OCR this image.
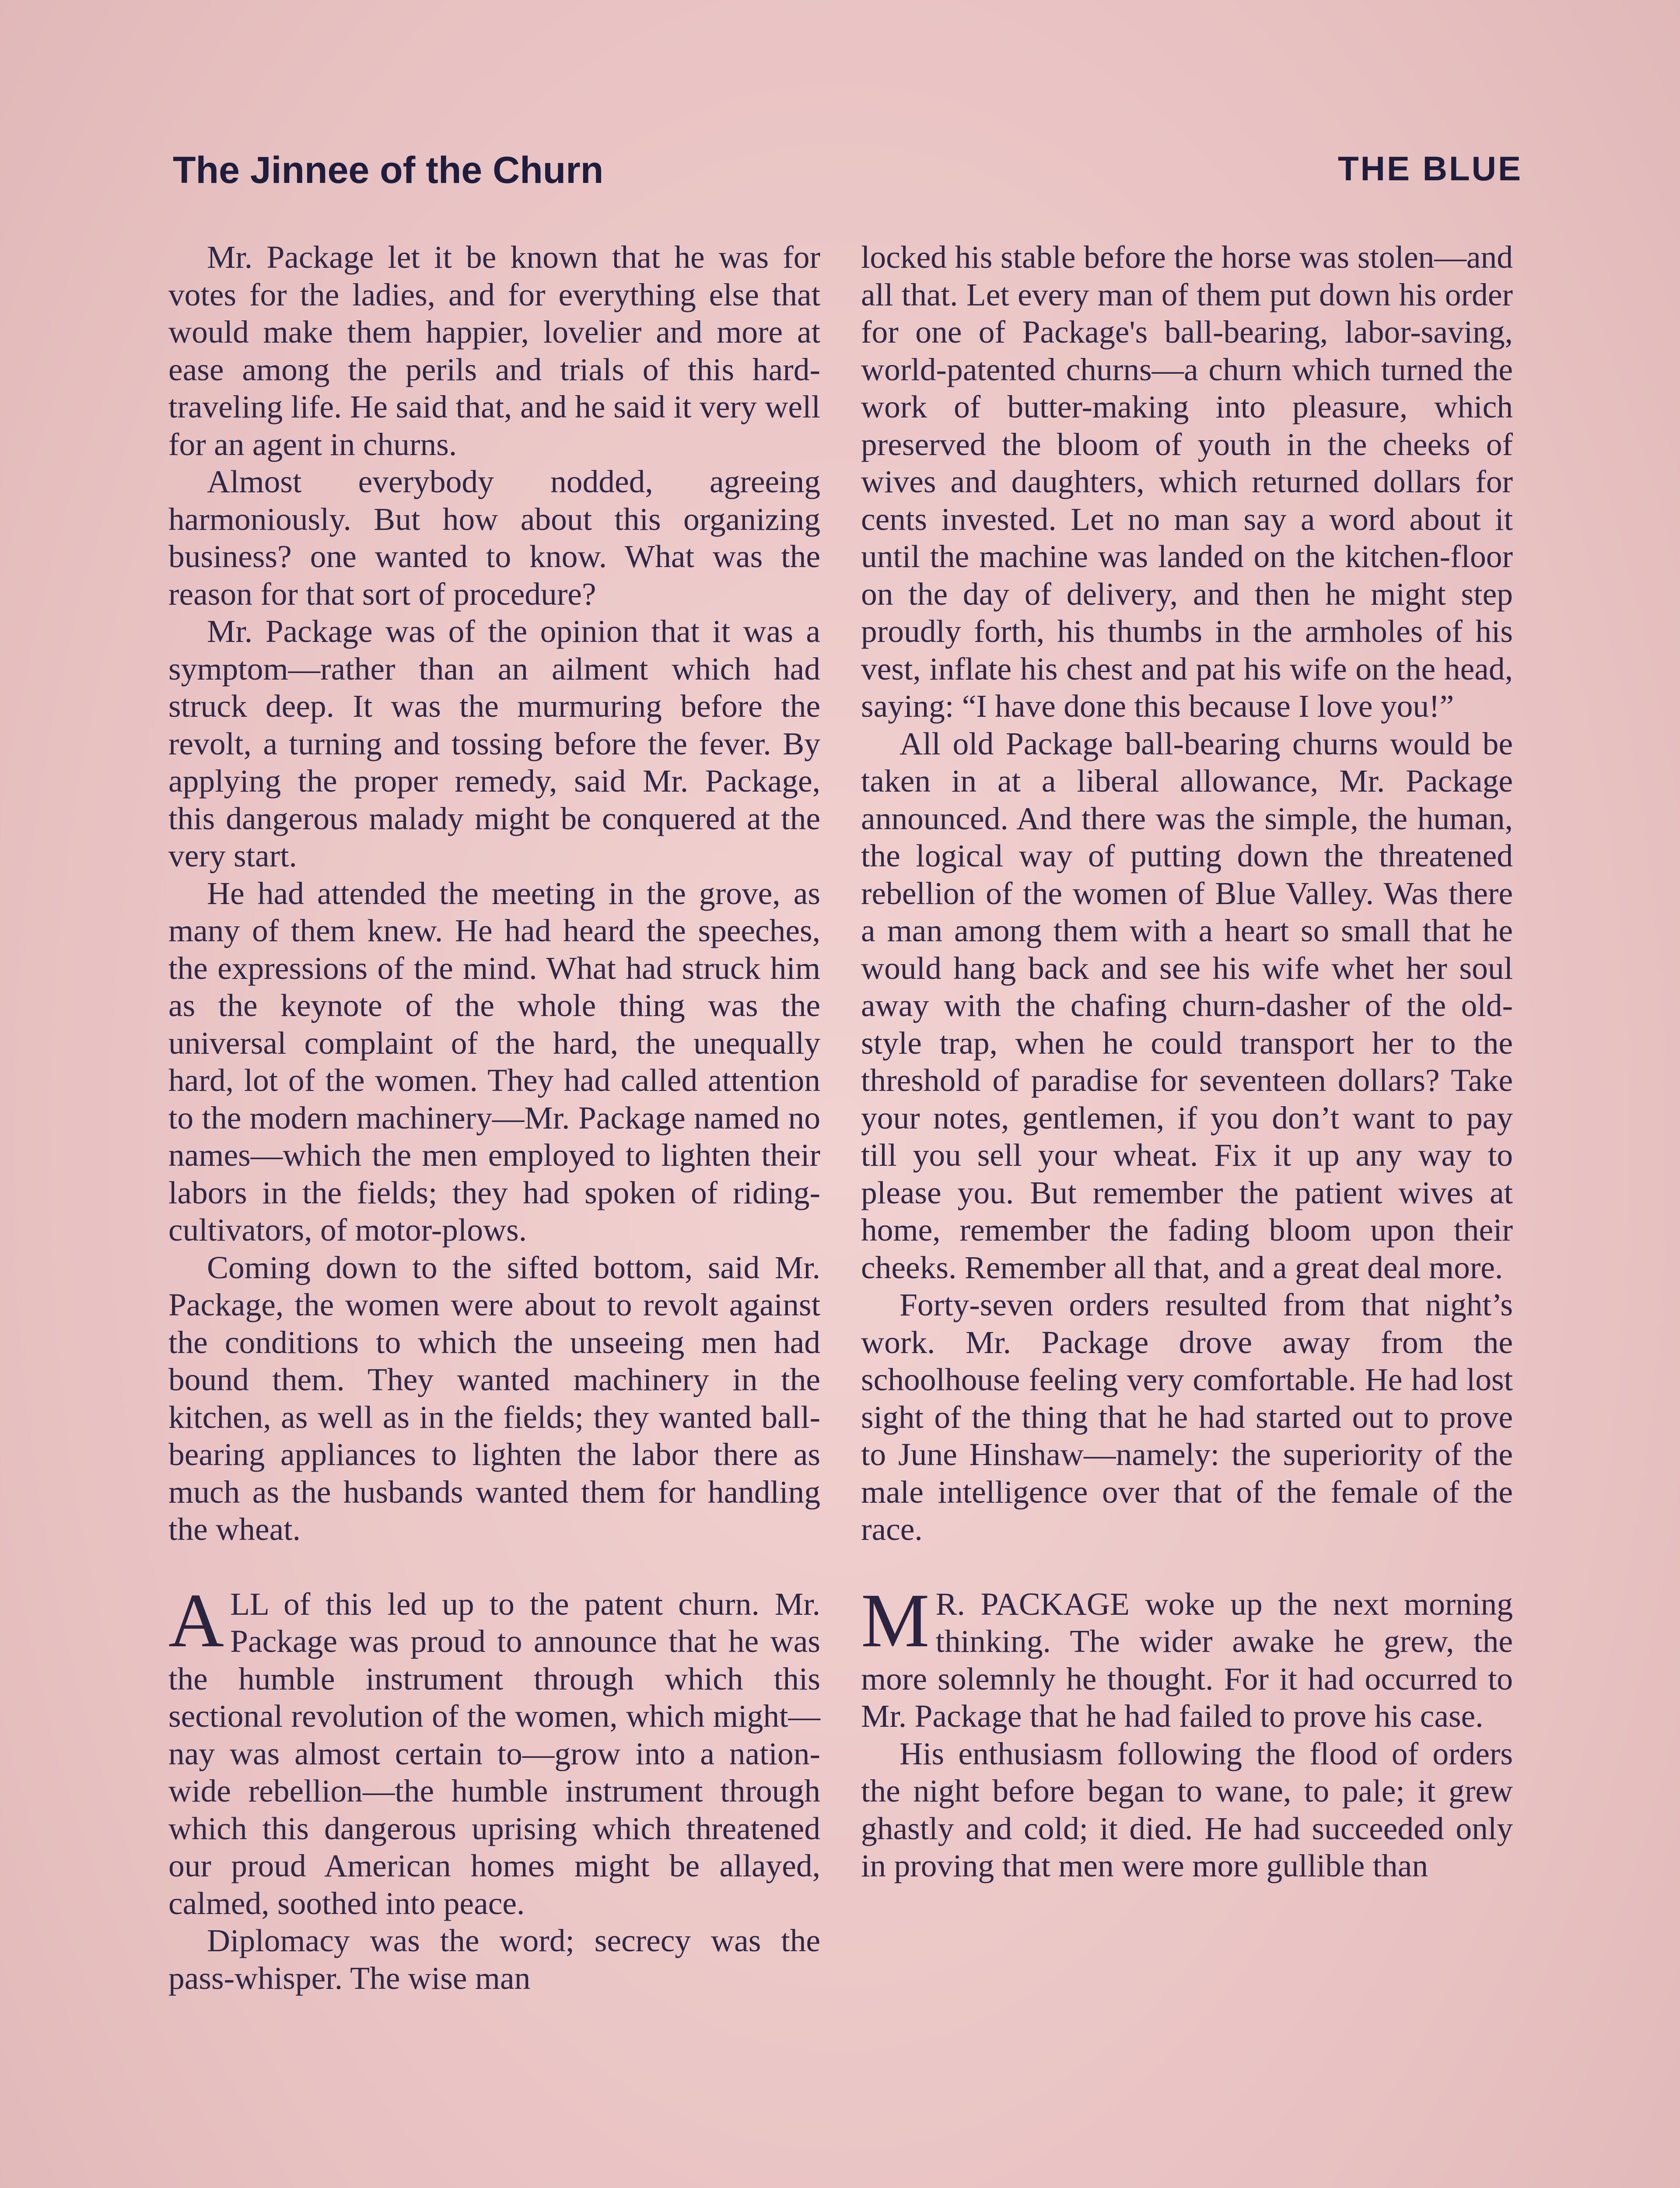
The Jinnee of the Churn	THE BLUE

Mr. Package let it be known that he was for votes for the ladies, and for everything else that would make them happier, lovelier and more at ease among the perils and trials of this hard-traveling life. He said that, and he said it very well for an agent in churns.

Almost everybody nodded, agreeing harmoniously. But how about this organizing business? one wanted to know. What was the reason for that sort of procedure?

Mr. Package was of the opinion that it was a symptom—rather than an ailment which had struck deep. It was the murmuring before the revolt, a turning and tossing before the fever. By applying the proper remedy, said Mr. Package, this dangerous malady might be conquered at the very start.

He had attended the meeting in the grove, as many of them knew. He had heard the speeches, the expressions of the mind. What had struck him as the keynote of the whole thing was the universal complaint of the hard, the unequally hard, lot of the women. They had called attention to the modern machinery—Mr. Package named no names—which the men employed to lighten their labors in the fields; they had spoken of riding-cultivators, of motor-plows.

Coming down to the sifted bottom, said Mr. Package, the women were about to revolt against the conditions to which the unseeing men had bound them. They wanted machinery in the kitchen, as well as in the fields; they wanted ball-bearing appliances to lighten the labor there as much as the husbands wanted them for handling the wheat.

ALL of this led up to the patent churn. Mr. Package was proud to announce that he was the humble instrument through which this sectional revolution of the women, which might—nay was almost certain to—grow into a nation-wide rebellion—the humble instrument through which this dangerous uprising which threatened our proud American homes might be allayed, calmed, soothed into peace.

Diplomacy was the word; secrecy was the pass-whisper. The wise man

locked his stable before the horse was stolen—and all that. Let every man of them put down his order for one of Package's ball-bearing, labor-saving, world-patented churns—a churn which turned the work of butter-making into pleasure, which preserved the bloom of youth in the cheeks of wives and daughters, which returned dollars for cents invested. Let no man say a word about it until the machine was landed on the kitchen-floor on the day of delivery, and then he might step proudly forth, his thumbs in the armholes of his vest, inflate his chest and pat his wife on the head, saying: “I have done this because I love you!”

All old Package ball-bearing churns would be taken in at a liberal allowance, Mr. Package announced. And there was the simple, the human, the logical way of putting down the threatened rebellion of the women of Blue Valley. Was there a man among them with a heart so small that he would hang back and see his wife whet her soul away with the chafing churn-dasher of the old-style trap, when he could transport her to the threshold of paradise for seventeen dollars? Take your notes, gentlemen, if you don’t want to pay till you sell your wheat. Fix it up any way to please you. But remember the patient wives at home, remember the fading bloom upon their cheeks. Remember all that, and a great deal more.

Forty-seven orders resulted from that night’s work. Mr. Package drove away from the schoolhouse feeling very comfortable. He had lost sight of the thing that he had started out to prove to June Hinshaw—namely: the superiority of the male intelligence over that of the female of the race.

M R. PACKAGE woke up the next morning thinking. The wider awake he grew, the more solemnly he thought. For it had occurred to Mr. Package that he had failed to prove his case.

His enthusiasm following the flood of orders the night before began to wane, to pale; it grew ghastly and cold; it died. He had succeeded only in proving that men were more gullible than
